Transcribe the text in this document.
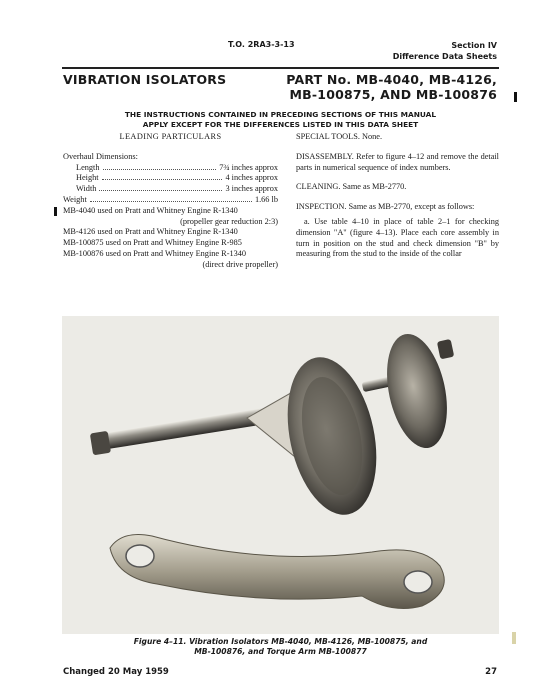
T.O. 2RA3-3-13	Section IV
Difference Data Sheets
VIBRATION ISOLATORS	PART No. MB-4040, MB-4126,
MB-100875, AND MB-100876
THE INSTRUCTIONS CONTAINED IN PRECEDING SECTIONS OF THIS MANUAL
APPLY EXCEPT FOR THE DIFFERENCES LISTED IN THIS DATA SHEET
LEADING PARTICULARS
Overhaul Dimensions:
Length	7¾ inches approx
Height	4 inches approx
Width	3 inches approx
Weight	1.66 lb
MB-4040 used on Pratt and Whitney Engine R-1340
(propeller gear reduction 2:3)
MB-4126 used on Pratt and Whitney Engine R-1340
MB-100875 used on Pratt and Whitney Engine R-985
MB-100876 used on Pratt and Whitney Engine R-1340
(direct drive propeller)

SPECIAL TOOLS. None.

DISASSEMBLY. Refer to figure 4–12 and remove the detail parts in numerical sequence of index numbers.

CLEANING. Same as MB-2770.

INSPECTION. Same as MB-2770, except as follows:

a. Use table 4–10 in place of table 2–1 for checking dimension "A" (figure 4–13). Place each core assembly in turn in position on the stud and check dimension "B" by measuring from the stud to the inside of the collar

Figure 4–11. Vibration Isolators MB-4040, MB-4126, MB-100875, and
MB-100876, and Torque Arm MB-100877
Changed 20 May 1959	27
